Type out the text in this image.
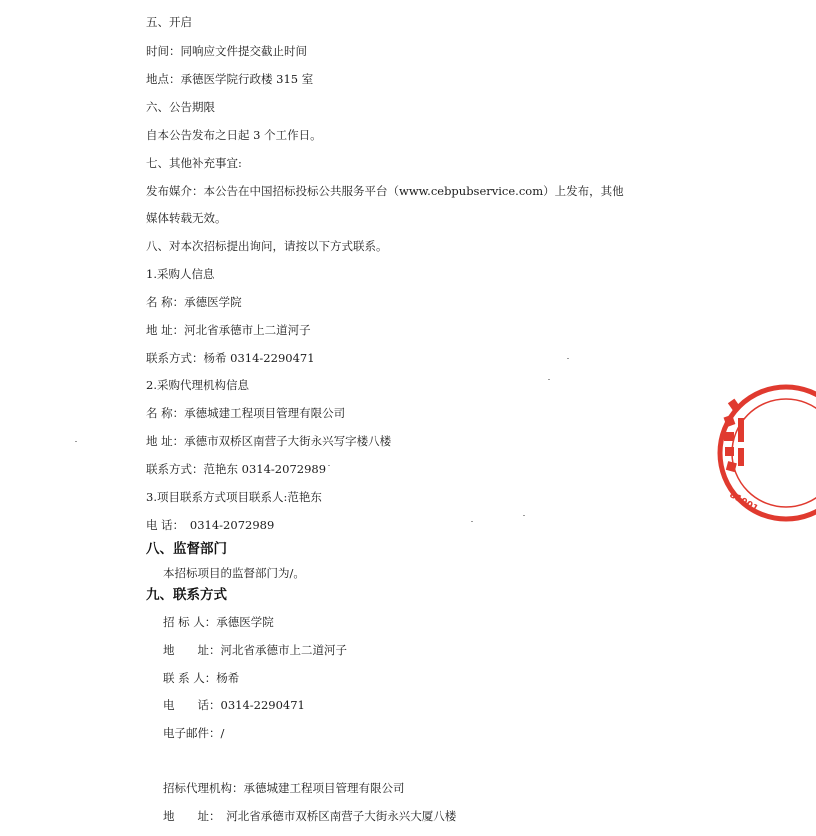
五、开启
时间：同响应文件提交截止时间
地点：承德医学院行政楼 315 室
六、公告期限
自本公告发布之日起 3 个工作日。
七、其他补充事宜:
发布媒介：本公告在中国招标投标公共服务平台（www.cebpubservice.com）上发布，其他
媒体转载无效。
八、对本次招标提出询问，请按以下方式联系。
1.采购人信息
名 称：承德医学院
地 址：河北省承德市上二道河子
联系方式：杨希 0314-2290471
2.采购代理机构信息
名 称：承德城建工程项目管理有限公司
地 址：承德市双桥区南营子大街永兴写字楼八楼
联系方式：范艳东 0314-2072989
3.项目联系方式项目联系人:范艳东
电 话：　0314-2072989
八、监督部门
本招标项目的监督部门为/。
九、联系方式
招 标 人：承德医学院
地　　址：河北省承德市上二道河子
联 系 人：杨希
电　　话：0314-2290471
电子邮件：/
招标代理机构：承德城建工程项目管理有限公司
地　　址：　河北省承德市双桥区南营子大街永兴大厦八楼
81001
